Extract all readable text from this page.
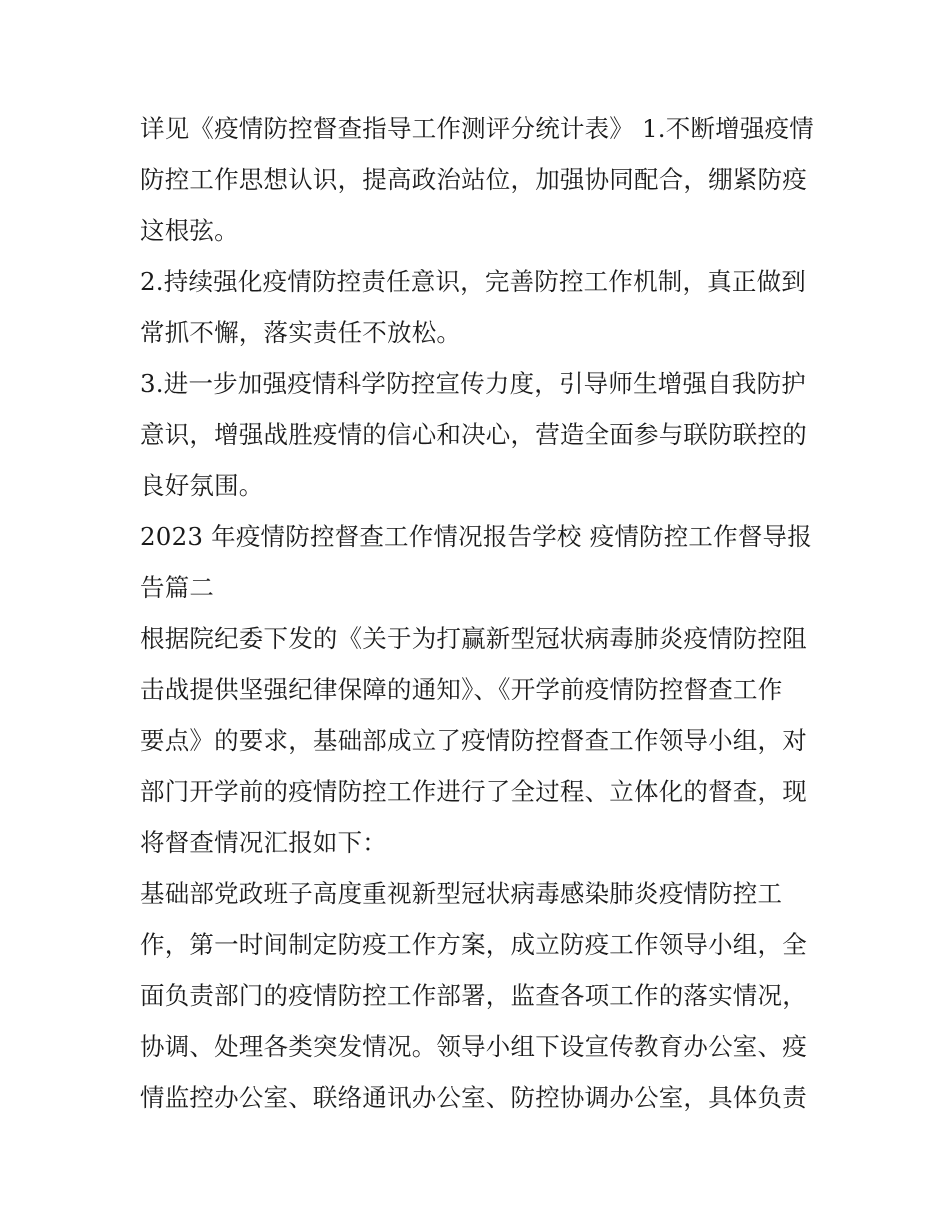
详见《疫情防控督查指导工作测评分统计表》 1.不断增强疫情
防控工作思想认识，提高政治站位，加强协同配合，绷紧防疫
这根弦。

2.持续强化疫情防控责任意识，完善防控工作机制，真正做到
常抓不懈，落实责任不放松。

3.进一步加强疫情科学防控宣传力度，引导师生增强自我防护
意识，增强战胜疫情的信心和决心，营造全面参与联防联控的
良好氛围。

2023 年疫情防控督查工作情况报告学校 疫情防控工作督导报
告篇二

根据院纪委下发的《关于为打赢新型冠状病毒肺炎疫情防控阻
击战提供坚强纪律保障的通知》、《开学前疫情防控督查工作
要点》的要求，基础部成立了疫情防控督查工作领导小组，对
部门开学前的疫情防控工作进行了全过程、立体化的督查，现
将督查情况汇报如下：

基础部党政班子高度重视新型冠状病毒感染肺炎疫情防控工
作，第一时间制定防疫工作方案，成立防疫工作领导小组，全
面负责部门的疫情防控工作部署，监查各项工作的落实情况，
协调、处理各类突发情况。领导小组下设宣传教育办公室、疫
情监控办公室、联络通讯办公室、防控协调办公室，具体负责
